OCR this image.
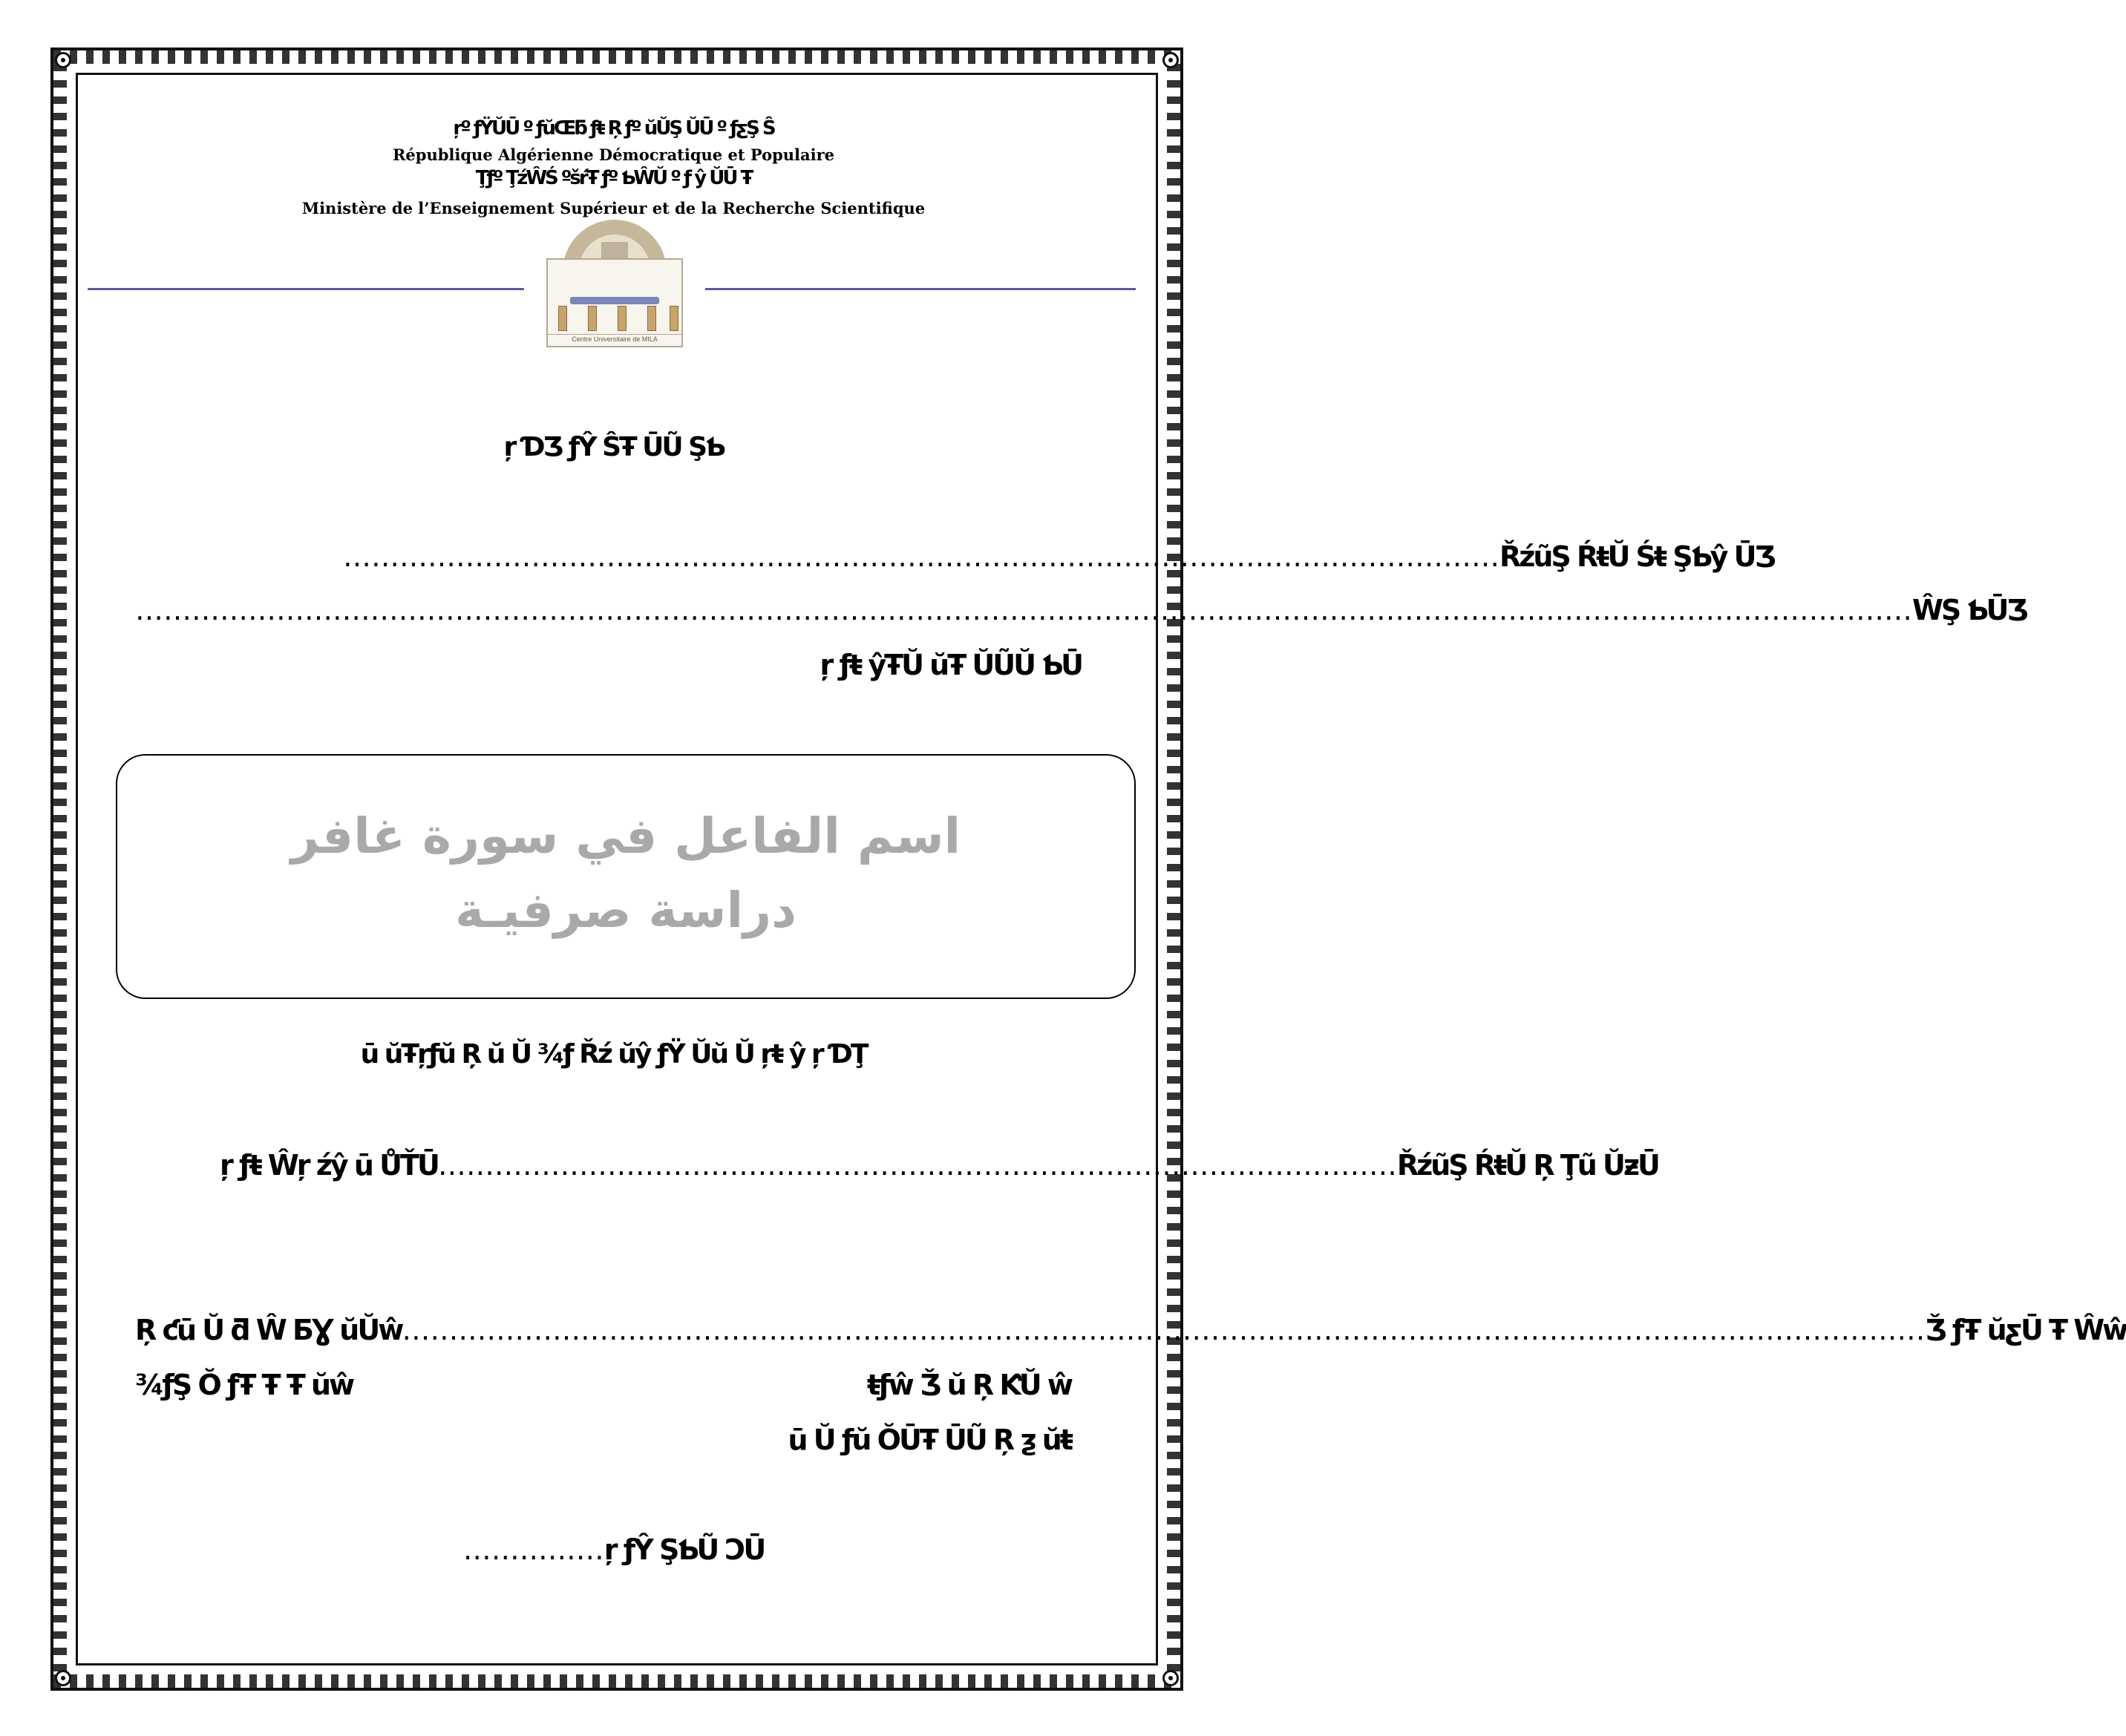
ŗº ƒŸŬŪ º ƒŭŒƃ ƒŧ Ŗ ƒº ŭŬŞ ŬŪ º ƒƹŞ Ŝ
République Algérienne Démocratique et Populaire
Ţƒº ŢźŴŚ ºšŕŦ ƒº ƄŴŬ º ƒ ŷ ŬŪ Ŧ
Ministère de l’Enseignement Supérieur et de la Recherche Scientifique
Centre Universitaire de MILA
ŗ ƊƷ ƒŶ ŜŦ ŪŨ ŞƄ
……………………………………………………………………………………………………………ŘźũŞ ŔŧŬ Śŧ ŞƄŷ ŪƷ
………………………………………………………………………………………………………………………………………………………………………ŴŞ ƄŪƷ
ŗ ƒŧ ŷŦŬ ŭŦ ŬŨŬ ƄŪ
اسم الفاعل في سورة غافر
دراسة صرفيـة
ū ŭŦŗƒŭ Ŗ ŭ Ŭ ¾ƒ Řź ŭŷ ƒŸ Ŭŭ Ŭ ŗŧ ŷ ŗ ƊŢ
ŗ ƒŧ Ŵŗ źŷ ū ŮŤŪ…………………………………………………………………………………………ŘźũŞ ŔŧŬ Ŗ Ţũ ŬƶŪ
Ŗ ƈū Ŭ ƌ Ŵ ƂƔ ŭŬŵ………………………………………………………………………………………………………………………………………………Ǯ ƒŦ ŭƹŪ Ŧ Ŵŵ
¾ƒŞ Ŏ ƒŦ Ŧ Ŧ ŭŵ	ŧƒŵ Ǯ ŭ Ŗ ƘŬ ŵ
ū Ŭ ƒŭ ŎŪŦ ŪŨ Ŗ ƺ ŭŧ
……………ŗ ƒŶ ŞƄŨ ƆŪ
